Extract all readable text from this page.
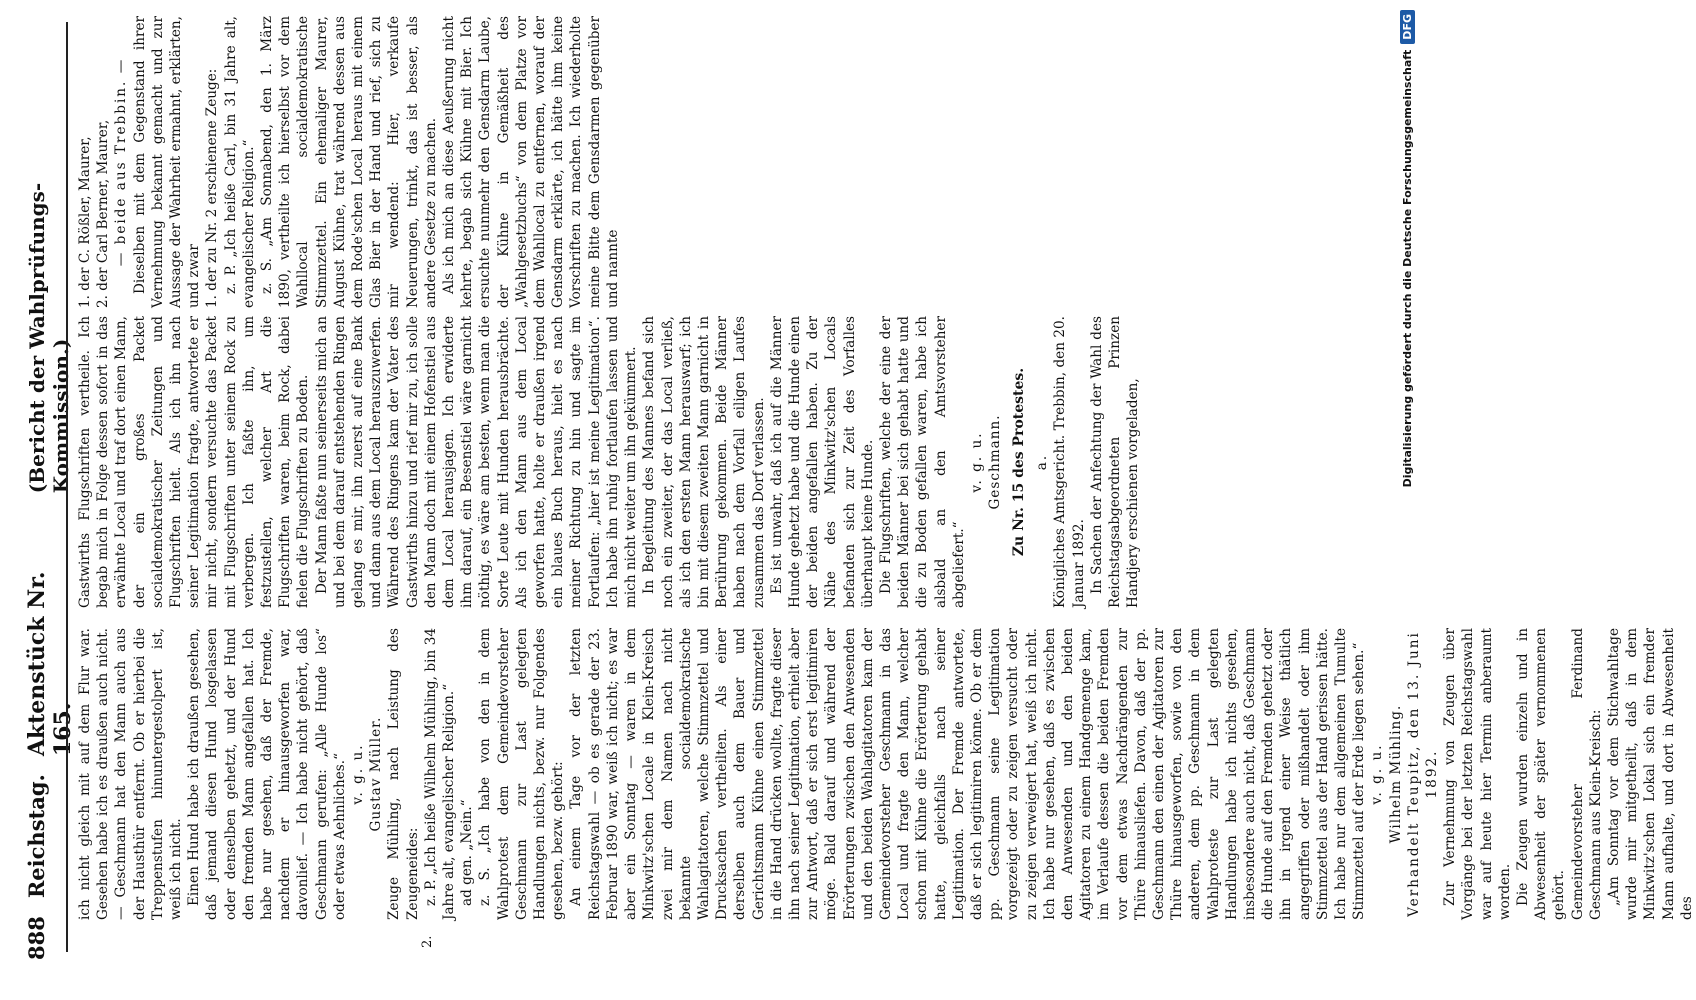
888
Reichstag.
Aktenstück Nr. 165.
(Bericht der Wahlprüfungs-Kommission.)
2.

ich nicht gleich mit auf dem Flur war. Gesehen habe ich es draußen auch nicht. — Geschmann hat den Mann auch aus der Hausthür entfernt. Ob er hierbei die Treppenstufen hinuntergestolpert ist, weiß ich nicht. Einen Hund habe ich draußen gesehen, daß jemand diesen Hund losgelassen oder denselben gehetzt, und der Hund den fremden Mann angefallen hat. Ich habe nur gesehen, daß der Fremde, nachdem er hinausgeworfen war, davonlief. — Ich habe nicht gehört, daß Geschmann gerufen: „Alle Hunde los“ oder etwas Aehnliches.“ v. g. u. Gustav Müller. Zeuge Mühling, nach Leistung des Zeugeneides: z. P. „Ich heiße Wilhelm Mühling, bin 34 Jahre alt, evangelischer Religion.“ ad gen. „Nein.“ z. S. „Ich habe von den in dem Wahlprotest dem Gemeindevorsteher Geschmann zur Last gelegten Handlungen nichts, bezw. nur Folgendes gesehen, bezw. gehört: An einem Tage vor der letzten Reichstagswahl — ob es gerade der 23. Februar 1890 war, weiß ich nicht; es war aber ein Sonntag — waren in dem Minkwitz'schen Locale in Klein-Kreisch zwei mir dem Namen nach nicht bekannte socialdemokratische Wahlagitatoren, welche Stimmzettel und Drucksachen vertheilten. Als einer derselben auch dem Bauer und Gerichtsmann Kühne einen Stimmzettel in die Hand drücken wollte, fragte dieser ihn nach seiner Legitimation, erhielt aber zur Antwort, daß er sich erst legitimiren möge. Bald darauf und während der Erörterungen zwischen den Anwesenden und den beiden Wahlagitatoren kam der Gemeindevorsteher Geschmann in das Local und fragte den Mann, welcher schon mit Kühne die Erörterung gehabt hatte, gleichfalls nach seiner Legitimation. Der Fremde antwortete, daß er sich legitimiren könne. Ob er dem pp. Geschmann seine Legitimation vorgezeigt oder zu zeigen versucht oder zu zeigen verweigert hat, weiß ich nicht. Ich habe nur gesehen, daß es zwischen den Anwesenden und den beiden Agitatoren zu einem Handgemenge kam, im Verlaufe dessen die beiden Fremden vor dem etwas Nachdrängenden zur Thüre hinausliefen. Davon, daß der pp. Geschmann den einen der Agitatoren zur Thüre hinausgeworfen, sowie von den anderen, dem pp. Geschmann in dem Wahlproteste zur Last gelegten Handlungen habe ich nichts gesehen, insbesondere auch nicht, daß Geschmann die Hunde auf den Fremden gehetzt oder ihn in irgend einer Weise thätlich angegriffen oder mißhandelt oder ihm Stimmzettel aus der Hand gerissen hätte. Ich habe nur dem allgemeinen Tumulte Stimmzettel auf der Erde liegen sehen.“ v. g. u. Wilhelm Mühling. Verhandelt Teupitz, den 13. Juni 1892. Zur Vernehmung von Zeugen über Vorgänge bei der letzten Reichstagswahl war auf heute hier Termin anberaumt worden. Die Zeugen wurden einzeln und in Abwesenheit der später vernommenen gehört. Gemeindevorsteher Ferdinand Geschmann aus Klein-Kreisch: „Am Sonntag vor dem Stichwahltage wurde mir mitgetheilt, daß in dem Minkwitz'schen Lokal sich ein fremder Mann aufhalte, und dort in Abwesenheit des

Gastwirths Flugschriften vertheile. Ich begab mich in Folge dessen sofort in das erwähnte Local und traf dort einen Mann, der ein großes Packet socialdemokratischer Zeitungen und Flugschriften hielt. Als ich ihn nach seiner Legitimation fragte, antwortete er mir nicht, sondern versuchte das Packet mit Flugschriften unter seinem Rock zu verbergen. Ich faßte ihn, um festzustellen, welcher Art die Flugschriften waren, beim Rock, dabei fielen die Flugschriften zu Boden. Der Mann faßte nun seinerseits mich an und bei dem darauf entstehenden Ringen gelang es mir, ihn zuerst auf eine Bank und dann aus dem Local herauszuwerfen. Während des Ringens kam der Vater des Gastwirths hinzu und rief mir zu, ich solle den Mann doch mit einem Hofenstiel aus dem Local herausjagen. Ich erwiderte ihm darauf, ein Besenstiel wäre garnicht nöthig, es wäre am besten, wenn man die Sorte Leute mit Hunden herausbrächte. Als ich den Mann aus dem Local geworfen hatte, holte er draußen irgend ein blaues Buch heraus, hielt es nach meiner Richtung zu hin und sagte im Fortlaufen: „hier ist meine Legitimation“. Ich habe ihn ruhig fortlaufen lassen und mich nicht weiter um ihn gekümmert. In Begleitung des Mannes befand sich noch ein zweiter, der das Local verließ, als ich den ersten Mann herauswarf; ich bin mit diesem zweiten Mann garnicht in Berührung gekommen. Beide Männer haben nach dem Vorfall eiligen Laufes zusammen das Dorf verlassen. Es ist unwahr, daß ich auf die Männer Hunde gehetzt habe und die Hunde einen der beiden angefallen haben. Zu der Nähe des Minkwitz'schen Locals befanden sich zur Zeit des Vorfalles überhaupt keine Hunde. Die Flugschriften, welche der eine der beiden Männer bei sich gehabt hatte und die zu Boden gefallen waren, habe ich alsbald an den Amtsvorsteher abgeliefert.“

v. g. u. Geschmann. Zu Nr. 15 des Protestes. a. Königliches Amtsgericht. Trebbin, den 20. Januar 1892. In Sachen der Anfechtung der Wahl des Reichstagsabgeordneten Prinzen Handjery erschienen vorgeladen,

1. der C. Rößler, Maurer, 2. der Carl Berner, Maurer, — beide aus Trebbin. — Dieselben mit dem Gegenstand ihrer Vernehmung bekannt gemacht und zur Aussage der Wahrheit ermahnt, erklärten, und zwar 1. der zu Nr. 2 erschienene Zeuge: z. P. „Ich heiße Carl, bin 31 Jahre alt, evangelischer Religion.“ z. S. „Am Sonnabend, den 1. März 1890, vertheilte ich hierselbst vor dem Wahllocal socialdemokratische Stimmzettel. Ein ehemaliger Maurer, August Kühne, trat während dessen aus dem Rode'schen Local heraus mit einem Glas Bier in der Hand und rief, sich zu mir wendend: Hier, verkaufe Neuerungen, trinkt, das ist besser, als andere Gesetze zu machen. Als ich mich an diese Aeußerung nicht kehrte, begab sich Kühne mit Bier. Ich ersuchte nunmehr den Gensdarm Laube, der Kühne in Gemäßheit des „Wahlgesetzbuchs“ von dem Platze vor dem Wahllocal zu entfernen, worauf der Gensdarm erklärte, ich hätte ihm keine Vorschriften zu machen. Ich wiederholte meine Bitte dem Gensdarmen gegenüber und nannte	Digitalisierung gefördert durch die Deutsche Forschungsgemeinschaft
DFG
